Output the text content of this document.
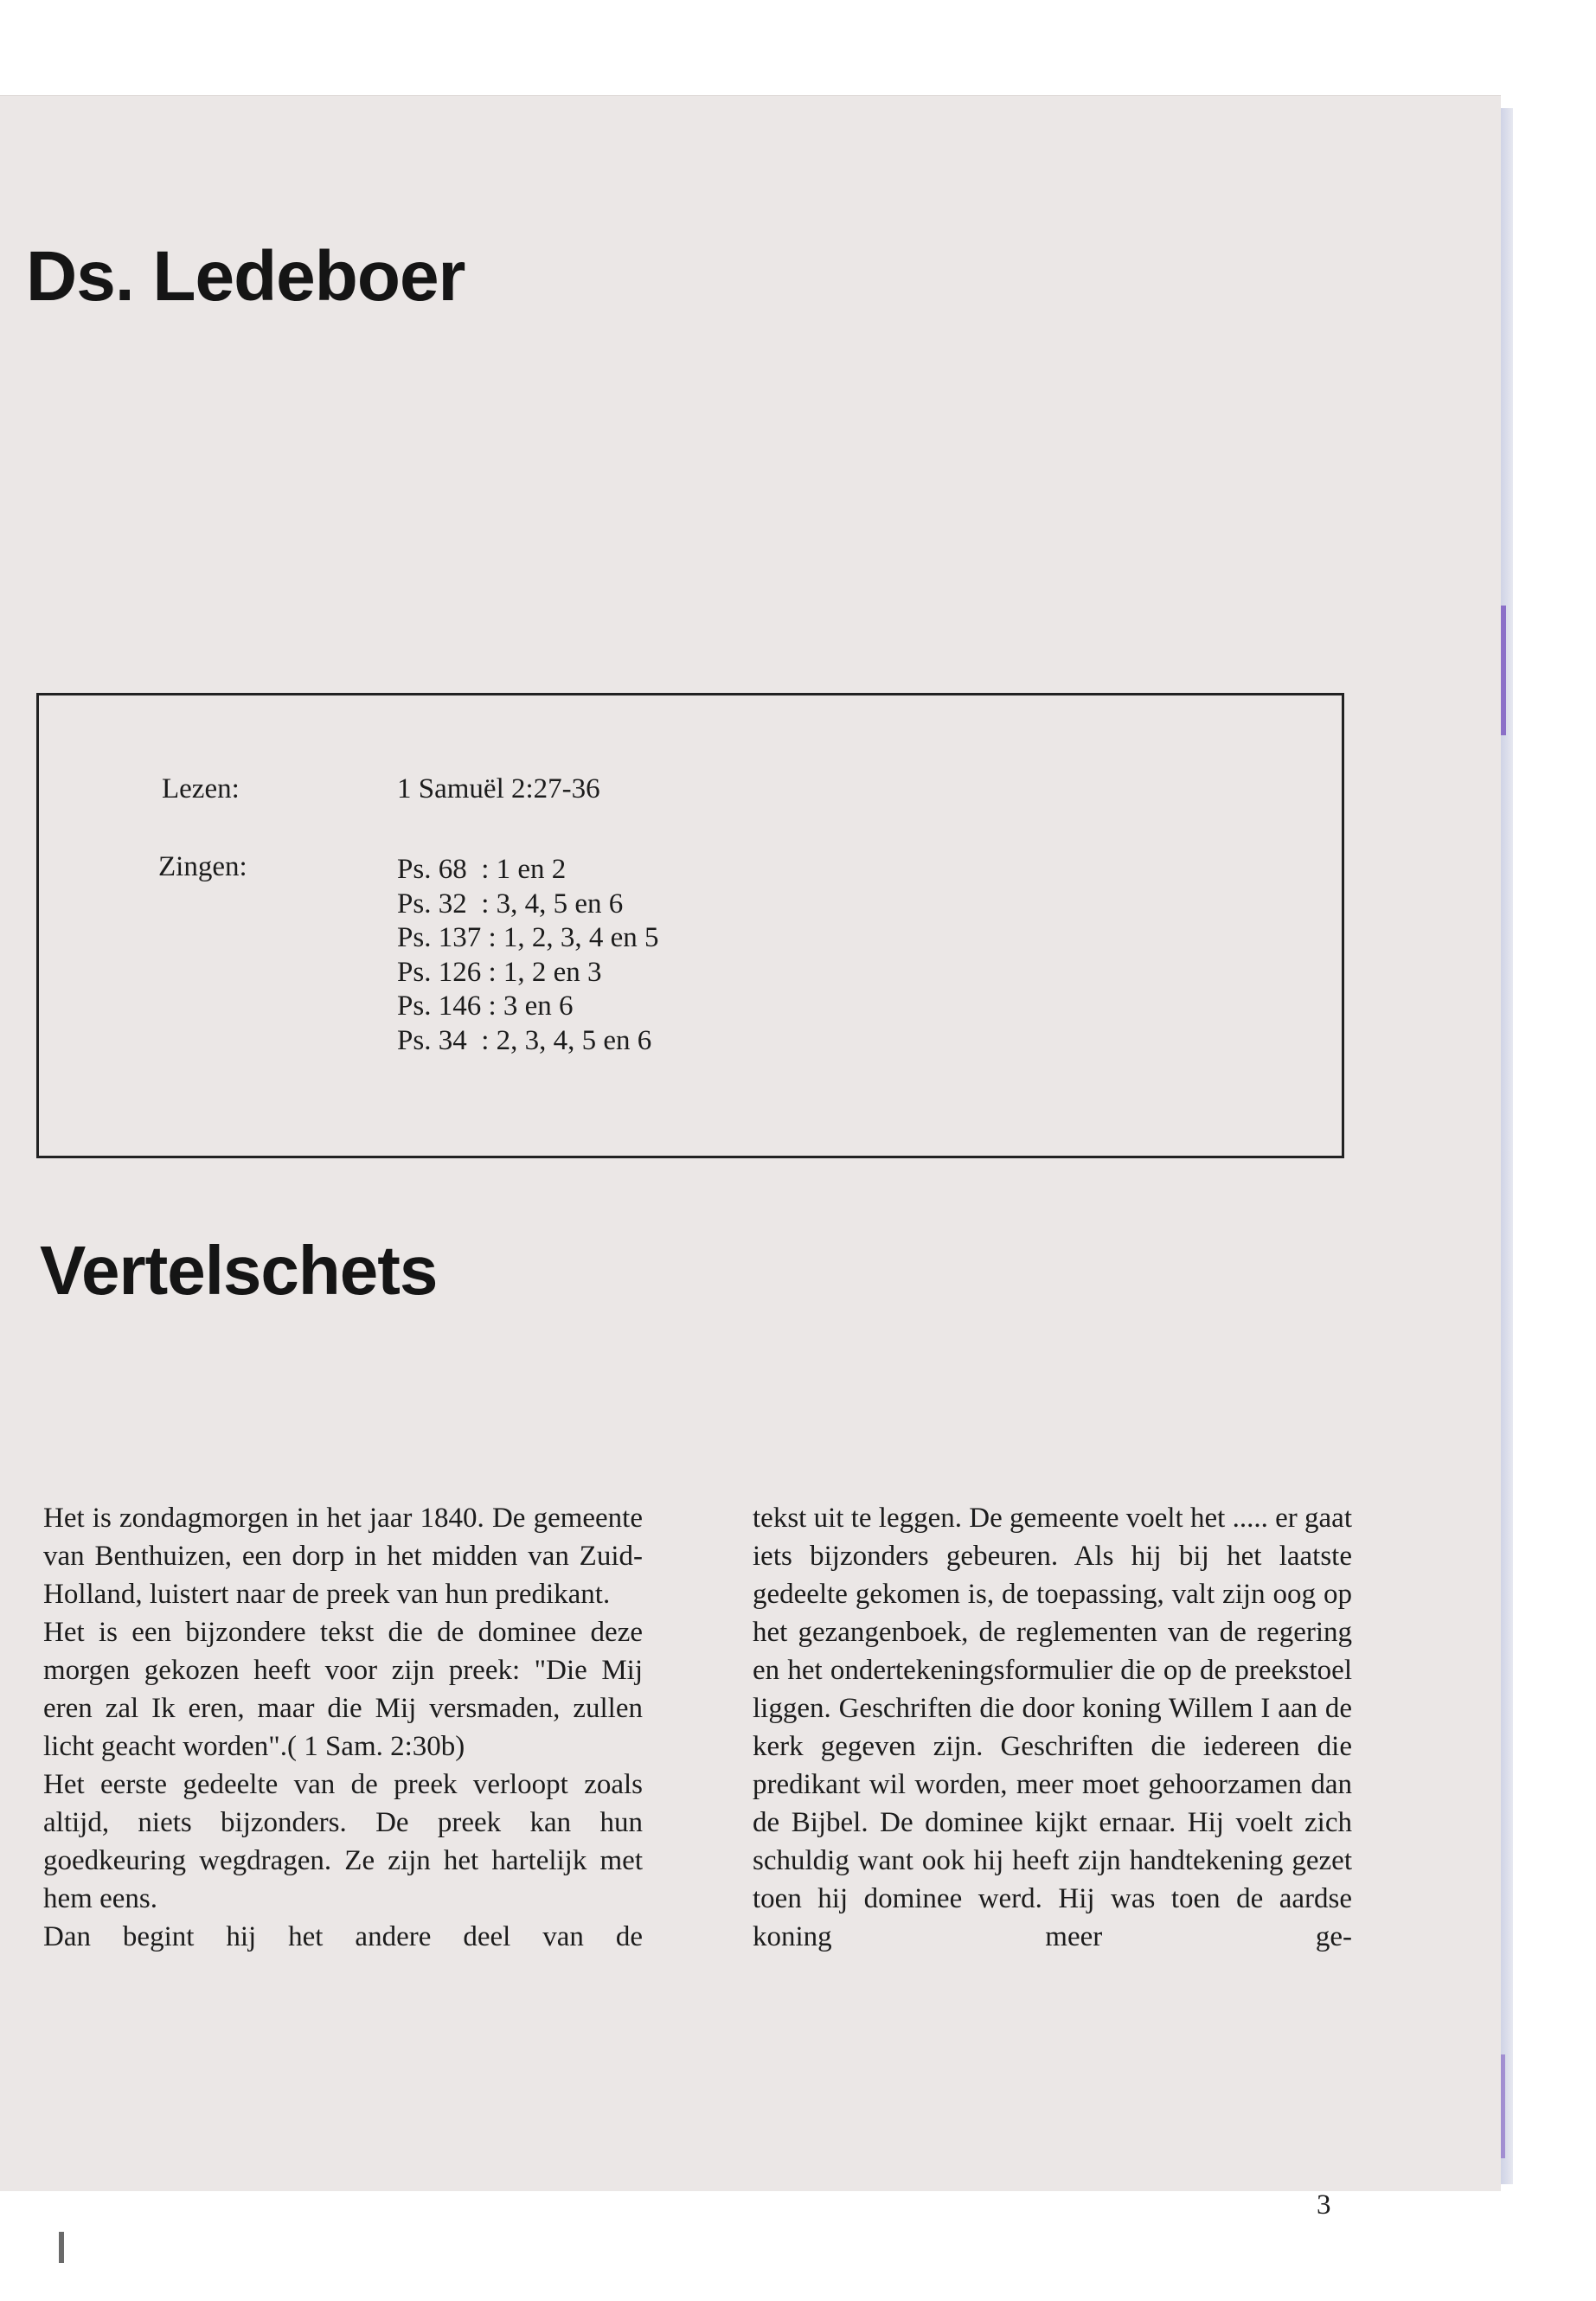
Ds. Ledeboer
Lezen:	1 Samuël 2:27-36
Zingen:	Ps. 68  : 1 en 2
Ps. 32  : 3, 4, 5 en 6
Ps. 137 : 1, 2, 3, 4 en 5
Ps. 126 : 1, 2 en 3
Ps. 146 : 3 en 6
Ps. 34  : 2, 3, 4, 5 en 6
Vertelschets

Het is zondagmorgen in het jaar 1840. De gemeente van Benthuizen, een dorp in het midden van Zuid-Holland, luistert naar de preek van hun predikant.

Het is een bijzondere tekst die de dominee deze morgen gekozen heeft voor zijn preek: "Die Mij eren zal Ik eren, maar die Mij versmaden, zullen licht geacht worden".( 1 Sam. 2:30b)

Het eerste gedeelte van de preek verloopt zoals altijd, niets bijzonders. De preek kan hun goedkeuring wegdragen. Ze zijn het hartelijk met hem eens.

Dan begint hij het andere deel van de

tekst uit te leggen. De gemeente voelt het ..... er gaat iets bijzonders gebeuren. Als hij bij het laatste gedeelte gekomen is, de toepassing, valt zijn oog op het gezangenboek, de reglementen van de regering en het ondertekeningsformulier die op de preekstoel liggen. Geschriften die door koning Willem I aan de kerk gegeven zijn. Geschriften die iedereen die predikant wil worden, meer moet gehoorzamen dan de Bijbel. De dominee kijkt ernaar. Hij voelt zich schuldig want ook hij heeft zijn handtekening gezet toen hij dominee werd. Hij was toen de aardse koning meer ge-

3
